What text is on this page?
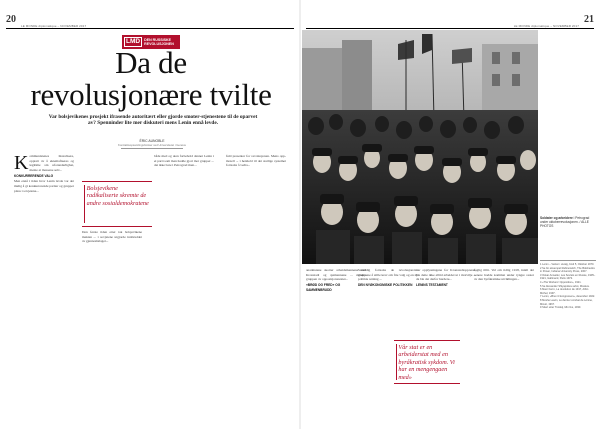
20	21
LE MONDE diplomatique – NOVEMBER 2017	LE MONDE diplomatique – NOVEMBER 2017
LMD	DEN RUSSISKE REVOLUSJONEN
Da de
revolusjonære tvilte

Var bolsjevikenes prosjekt ifrasende autoritært eller gjorde smoter-stjenestene til de oparvet av? Spenninder lite mer diskuteri mens Lenin ennå levde.

ÉRIC AUNOBLE
Kontraktsopsamlingsforsker ved Universitetet i Genève
Kommunistenes historikere, opptatt av å ektemafiseres og legitime sin uforanderlighet, mente at massene selv...
KONKURRERENDE VALG
Men ennå i tiden hvor Lenin levde var det mulig å gi konkurrerende partier og grupper plass i sovjetene...
Den første tiden etter tok bolsjevikene makten ... i sovjetene utgjorde innbruddet av gjennomslaget...
både med og uten forbehold dannet Lenin i et parti som man hadde gjort mot grupper ... det ikke bare i Petrograd men...
fuld presenter for revolusjonen. Mens opp-motell ... i henhold til det statlige systemet fortsatte å vedta...
Bolsjevikene radikaliserte skremte de andre sosialdemokratene
Soldater og arbeidere i Petrograd under oktoberrevolusjonen. / ALLE PHOTOS
anarkistene skotter arbeidsmennene ved Kronstadt og sjømennene ... mindre gruppen av opposisjonsrøster...
«BRØD OG FRED» OG SAMMENBRUDD
Samtidig fortsatte de revolusjonære gruppene å stille krav om frie valg og en ny politisk retning ...
DEN NYØKONOMISKE POLITIKKEN
var opplysningene for Kronstadtopprøret, ble dette ikke alltid arbeidet ut i motvilje ... da ble det derfor hardere...
LENINS TESTAMENT
faglig tillit. Vel om tidlig 1918, inntil det senere hadde kommet under tyngre rester av den byråkratiske utviklingen...
Vår stat er en arbeiderstat med en byråkratisk sykdom. Vi har en mengengaen med»
1 Lenin – Verker i utvalg, bind 5, Oktober 1970.
2 Se for eksempel Rabinowitch, The Bolsheviks in Power, Indiana University Press, 2007.
3 Oskar Anweiler, Les Soviets en Russie, 1905–1921, Gallimard, Paris 1972.
4 «The Workers' Opposition», 1921.
5 Se Alexander Shlyapnikov-arkiv, Moskva.
6 Marc Ferro, La révolution de 1917, Albin Michel, 1997.
7 Lenin, «Brev til kongressen», desember 1922.
8 Moshe Lewin, Le dernier combat de Lénine, Minuit, 1967.
9 Sitert etter Trotskij, Min livs, 1930.
